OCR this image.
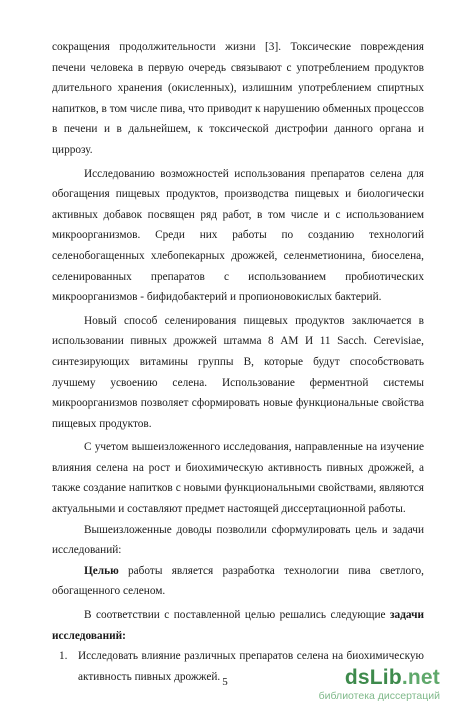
сокращения продолжительности жизни [3]. Токсические повреждения печени человека в первую очередь связывают с употреблением продуктов длительного хранения (окисленных), излишним употреблением спиртных напитков, в том числе пива, что приводит к нарушению обменных процессов в печени и в дальнейшем, к токсической дистрофии данного органа и циррозу.

Исследованию возможностей использования препаратов селена для обогащения пищевых продуктов, производства пищевых и биологически активных добавок посвящен ряд работ, в том числе и с использованием микроорганизмов. Среди них работы по созданию технологий селенобогащенных хлебопекарных дрожжей, селенметионина, биоселена, селенированных препаратов с использованием пробиотических микроорганизмов - бифидобактерий и пропионовокислых бактерий.

Новый способ селенирования пищевых продуктов заключается в использовании пивных дрожжей штамма 8 АМ И 11 Sacch. Cerevisiae, синтезирующих витамины группы В, которые будут способствовать лучшему усвоению селена. Использование ферментной системы микроорганизмов позволяет сформировать новые функциональные свойства пищевых продуктов.

С учетом вышеизложенного исследования, направленные на изучение влияния селена на рост и биохимическую активность пивных дрожжей, а также создание напитков с новыми функциональными свойствами, являются актуальными и составляют предмет настоящей диссертационной работы.

Вышеизложенные доводы позволили сформулировать цель и задачи исследований:

Целью работы является разработка технологии пива светлого, обогащенного селеном.

В соответствии с поставленной целью решались следующие задачи исследований:

1. Исследовать влияние различных препаратов селена на биохимическую активность пивных дрожжей. 5	dsLib.net
библиотека диссертаций
